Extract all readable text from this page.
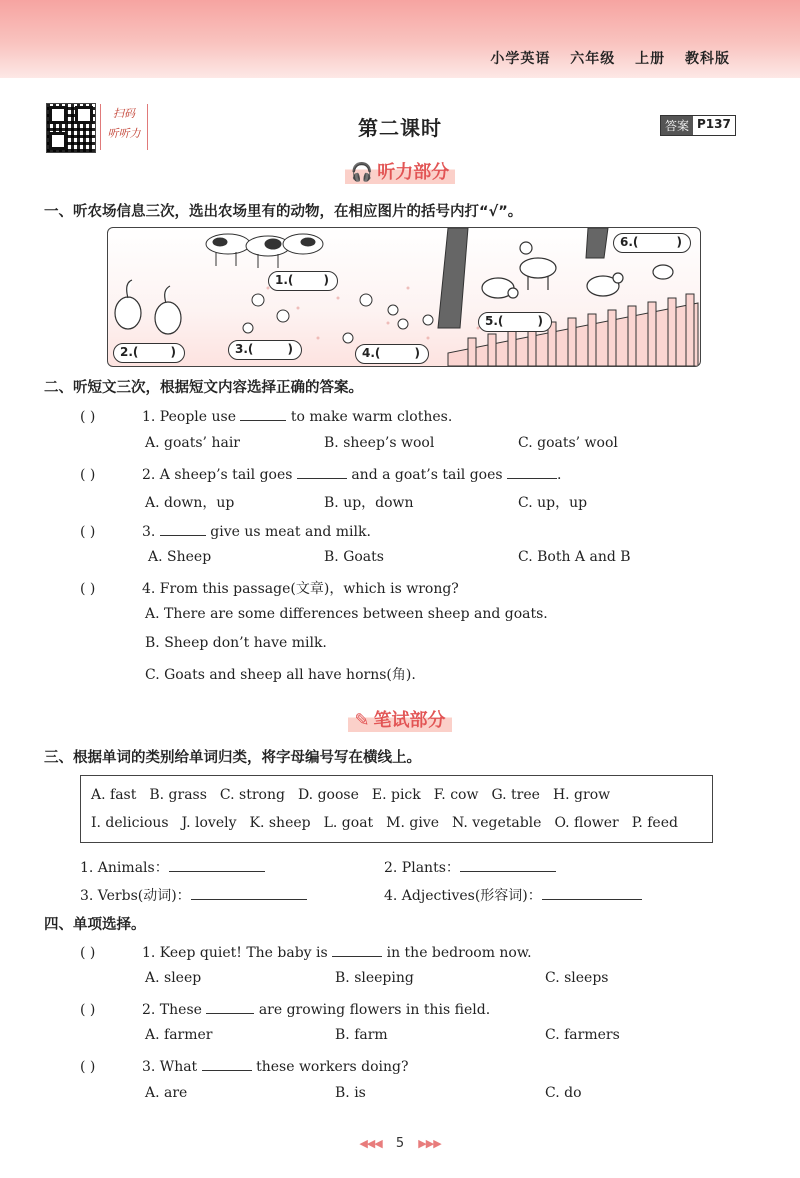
小学英语 六年级 上册 教科版
扫码
听听力	第二课时	答案 P137
🎧 听力部分
一、听农场信息三次，选出农场里有的动物，在相应图片的括号内打“√”。
1.(	)
2.(	)	3.(	)	4.(	)
5.(	)
6.(	)
二、听短文三次，根据短文内容选择正确的答案。
( )	1. People use	to make warm clothes.
A. goats’ hair	B. sheep’s wool	C. goats’ wool
( )	2. A sheep’s tail goes	and a goat’s tail goes	.
A. down，up	B. up，down	C. up，up
( )	3.	give us meat and milk.
A. Sheep	B. Goats	C. Both A and B
( )	4. From this passage(文章)，which is wrong?
A. There are some differences between sheep and goats.
B. Sheep don’t have milk.
C. Goats and sheep all have horns(角).
✎ 笔试部分
三、根据单词的类别给单词归类，将字母编号写在横线上。
A. fast B. grass C. strong D. goose E. pick F. cow G. tree H. grow
I. delicious J. lovely K. sheep L. goat M. give N. vegetable O. flower P. feed
1. Animals：	2. Plants：
3. Verbs(动词)：	4. Adjectives(形容词)：
四、单项选择。
( )	1. Keep quiet! The baby is	in the bedroom now.
A. sleep	B. sleeping	C. sleeps
( )	2. These	are growing flowers in this field.
A. farmer	B. farm	C. farmers
( )	3. What	these workers doing?
A. are	B. is	C. do
◀◀◀ 5 ▶▶▶
